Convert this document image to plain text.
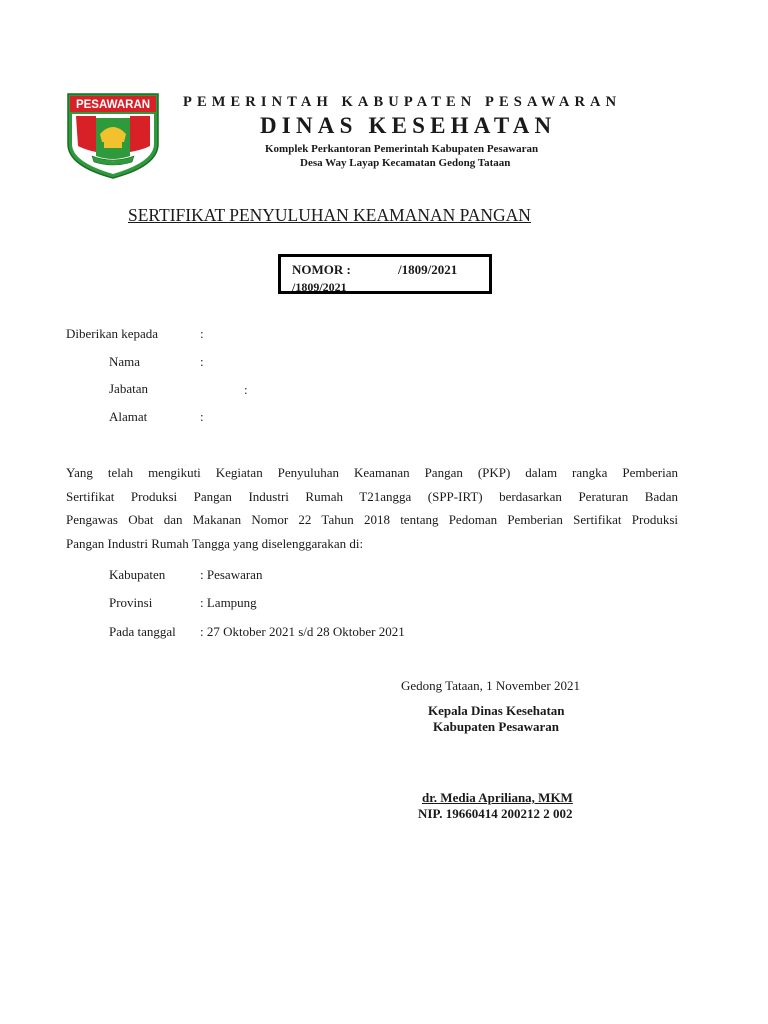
PESAWARAN
...
PEMERINTAH KABUPATEN PESAWARAN
DINAS KESEHATAN
Komplek Perkantoran Pemerintah Kabupaten Pesawaran
Desa Way Layap Kecamatan Gedong Tataan
SERTIFIKAT PENYULUHAN KEAMANAN PANGAN
NOMOR :	/1809/2021
/1809/2021
Diberikan kepada	:
Nama	:
Jabatan	:
Alamat	:
Yang telah mengikuti Kegiatan Penyuluhan Keamanan Pangan (PKP) dalam rangka Pemberian
Sertifikat Produksi Pangan Industri Rumah T21angga (SPP-IRT) berdasarkan Peraturan Badan
Pengawas Obat dan Makanan Nomor 22 Tahun 2018 tentang Pedoman Pemberian Sertifikat Produksi
Pangan Industri Rumah Tangga yang diselenggarakan di:
Kabupaten	: Pesawaran
Provinsi	: Lampung
Pada tanggal : 27 Oktober 2021 s/d 28 Oktober 2021
Gedong Tataan, 1 November 2021
Kepala Dinas Kesehatan
Kabupaten Pesawaran
dr. Media Apriliana, MKM
NIP. 19660414 200212 2 002
